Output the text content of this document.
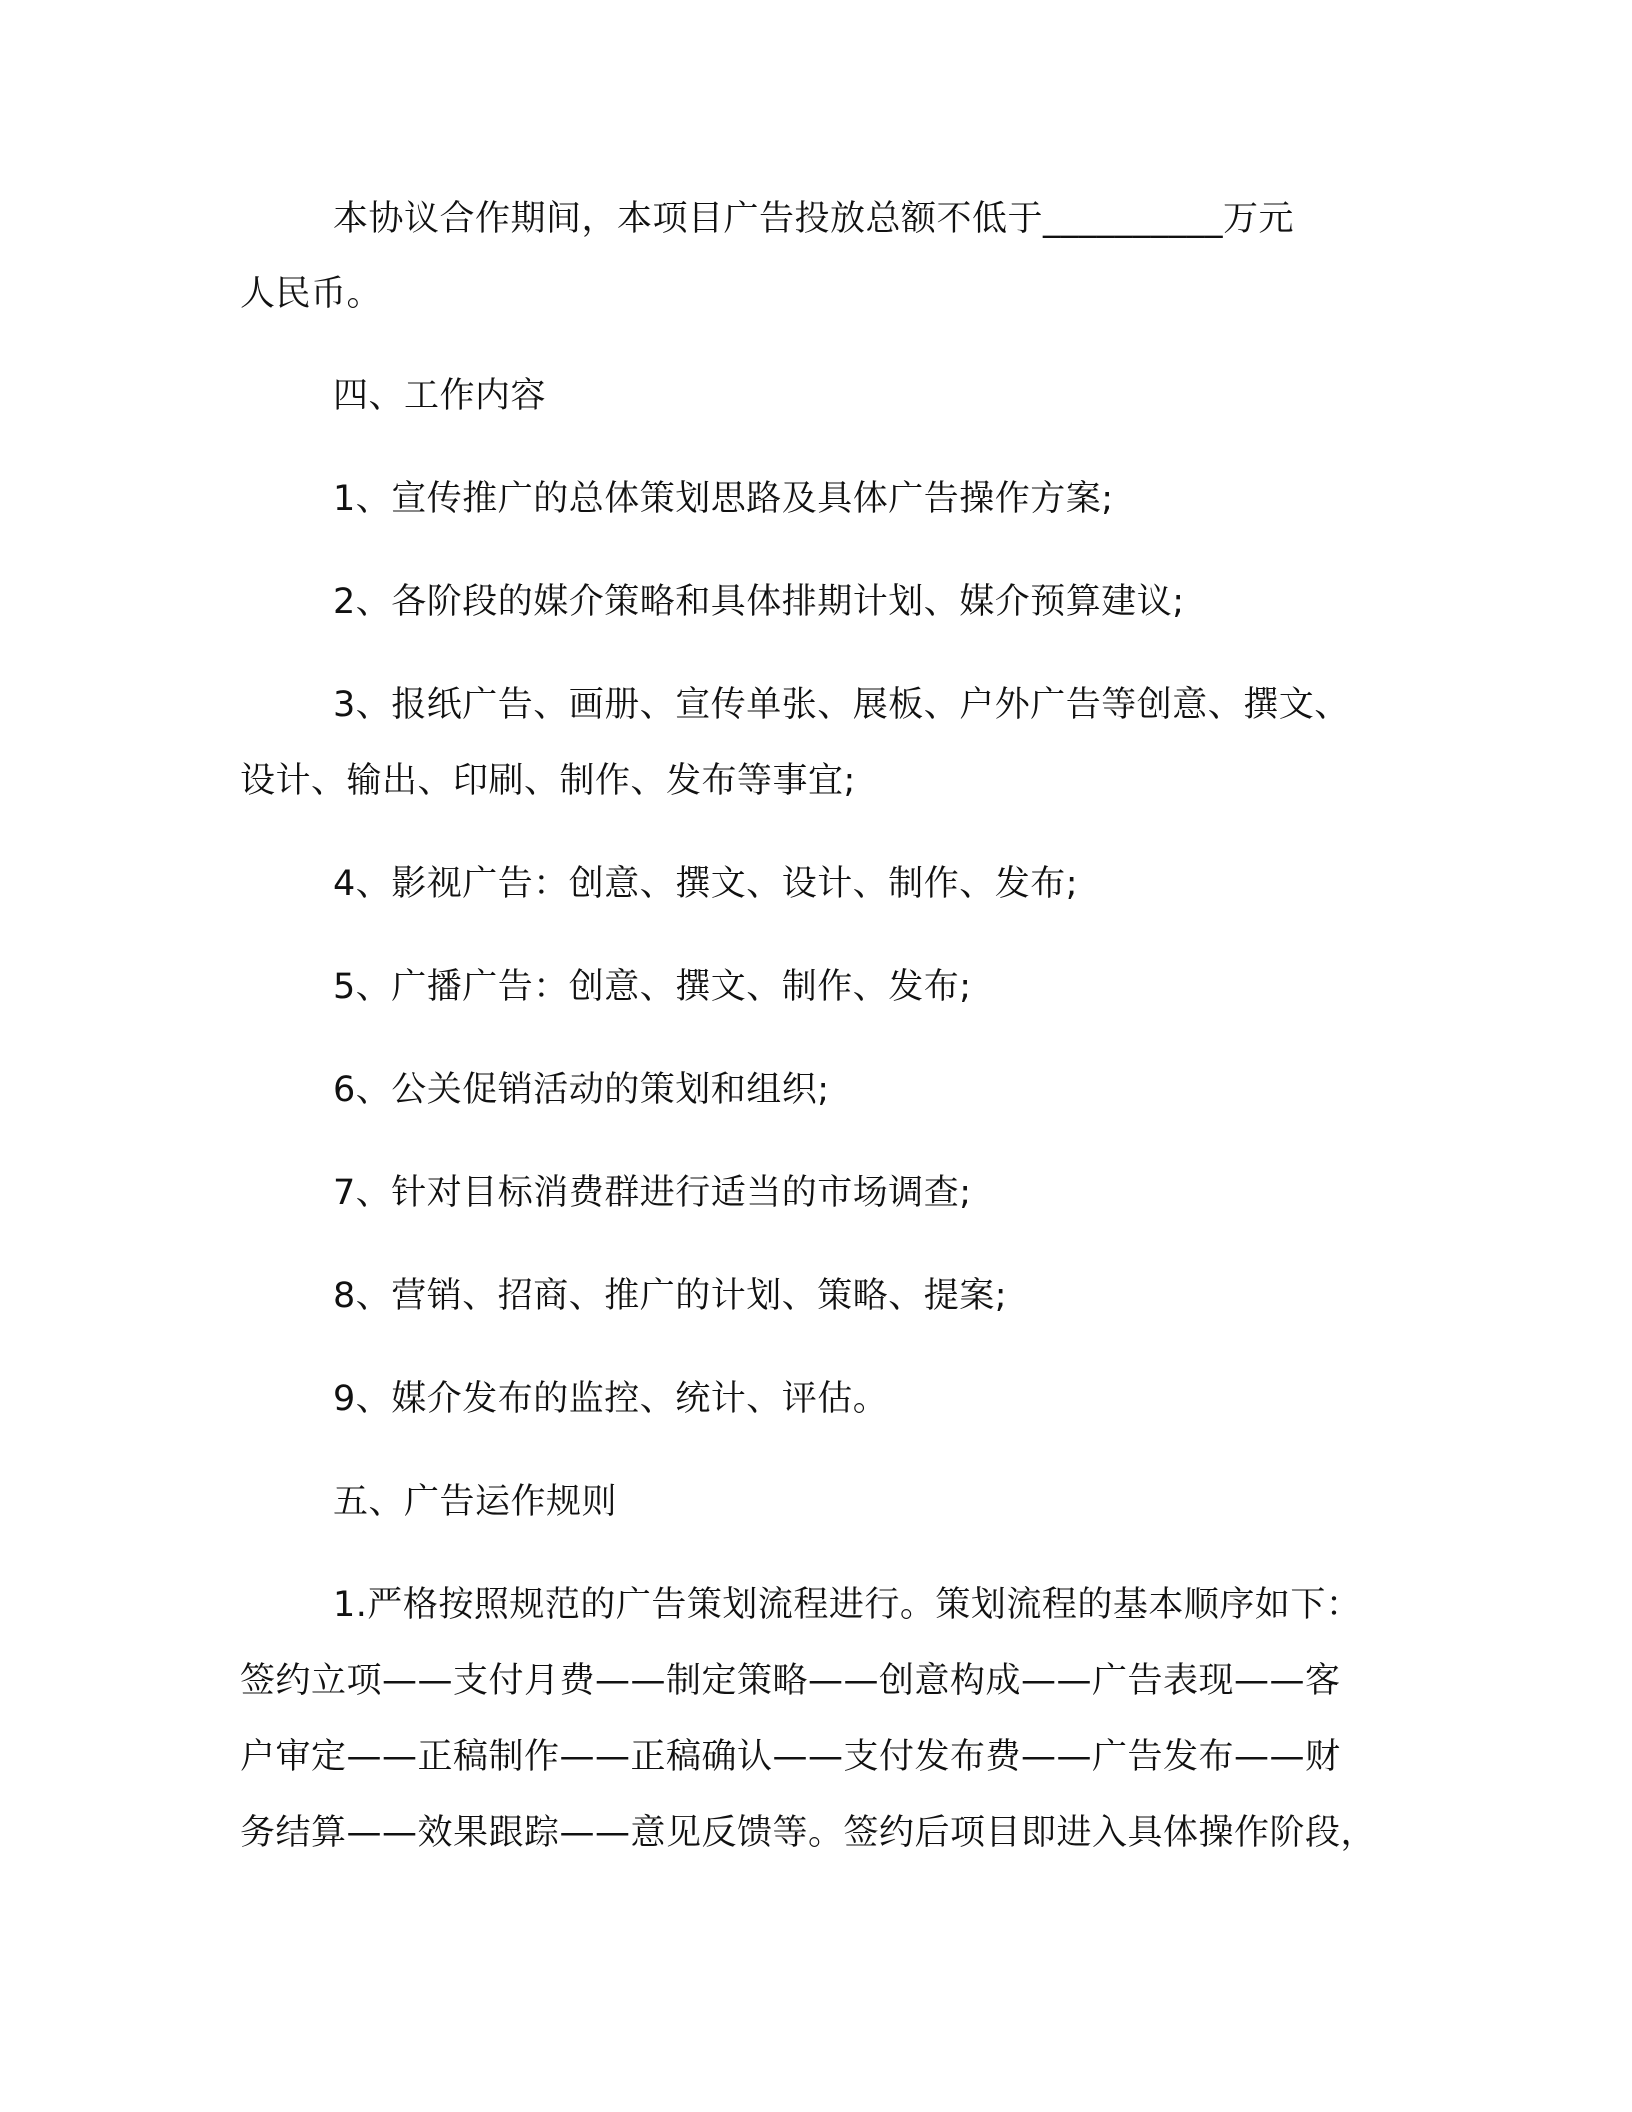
本协议合作期间，本项目广告投放总额不低于__________万元

人民币。

四、工作内容

1、宣传推广的总体策划思路及具体广告操作方案;

2、各阶段的媒介策略和具体排期计划、媒介预算建议;

3、报纸广告、画册、宣传单张、展板、户外广告等创意、撰文、

设计、输出、印刷、制作、发布等事宜;

4、影视广告：创意、撰文、设计、制作、发布;

5、广播广告：创意、撰文、制作、发布;

6、公关促销活动的策划和组织;

7、针对目标消费群进行适当的市场调查;

8、营销、招商、推广的计划、策略、提案;

9、媒介发布的监控、统计、评估。

五、广告运作规则

1.严格按照规范的广告策划流程进行。策划流程的基本顺序如下：

签约立项——支付月费——制定策略——创意构成——广告表现——客

户审定——正稿制作——正稿确认——支付发布费——广告发布——财

务结算——效果跟踪——意见反馈等。签约后项目即进入具体操作阶段，
